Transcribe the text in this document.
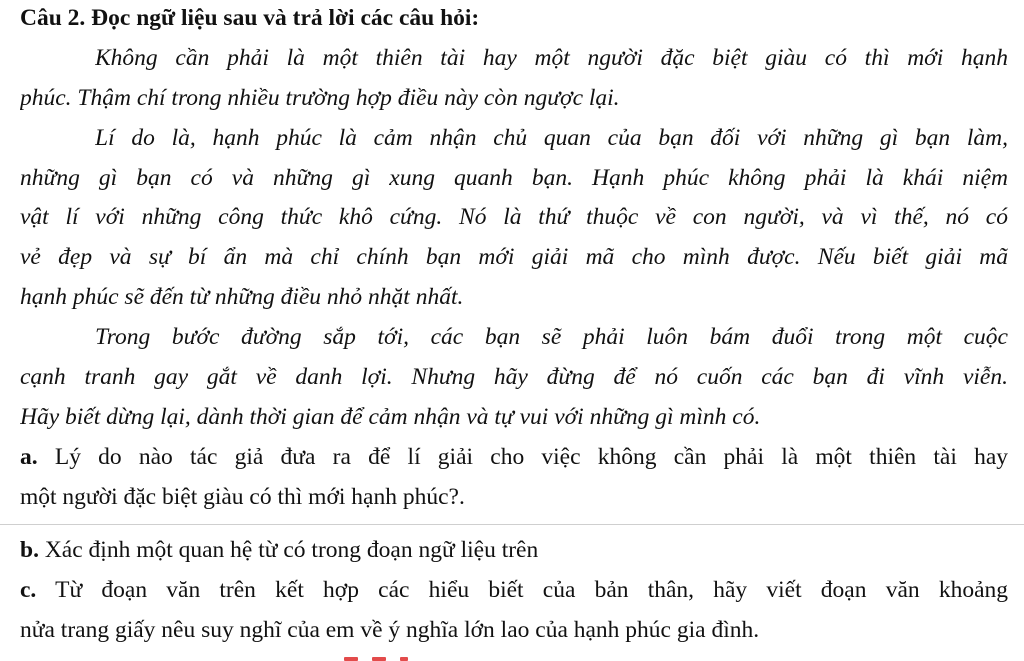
Câu 2. Đọc ngữ liệu sau và trả lời các câu hỏi:
Không cần phải là một thiên tài hay một người đặc biệt giàu có thì mới hạnh
phúc. Thậm chí trong nhiều trường hợp điều này còn ngược lại.
Lí do là, hạnh phúc là cảm nhận chủ quan của bạn đối với những gì bạn làm,
những gì bạn có và những gì xung quanh bạn. Hạnh phúc không phải là khái niệm
vật lí với những công thức khô cứng. Nó là thứ thuộc về con người, và vì thế, nó có
vẻ đẹp và sự bí ẩn mà chỉ chính bạn mới giải mã cho mình được. Nếu biết giải mã
hạnh phúc sẽ đến từ những điều nhỏ nhặt nhất.
Trong bước đường sắp tới, các bạn sẽ phải luôn bám đuổi trong một cuộc
cạnh tranh gay gắt về danh lợi. Nhưng hãy đừng để nó cuốn các bạn đi vĩnh viễn.
Hãy biết dừng lại, dành thời gian để cảm nhận và tự vui với những gì mình có.
a. Lý do nào tác giả đưa ra để lí giải cho việc không cần phải là một thiên tài hay
một người đặc biệt giàu có thì mới hạnh phúc?.
b. Xác định một quan hệ từ có trong đoạn ngữ liệu trên
c. Từ đoạn văn trên kết hợp các hiểu biết của bản thân, hãy viết đoạn văn khoảng
nửa trang giấy nêu suy nghĩ của em về ý nghĩa lớn lao của hạnh phúc gia đình.
